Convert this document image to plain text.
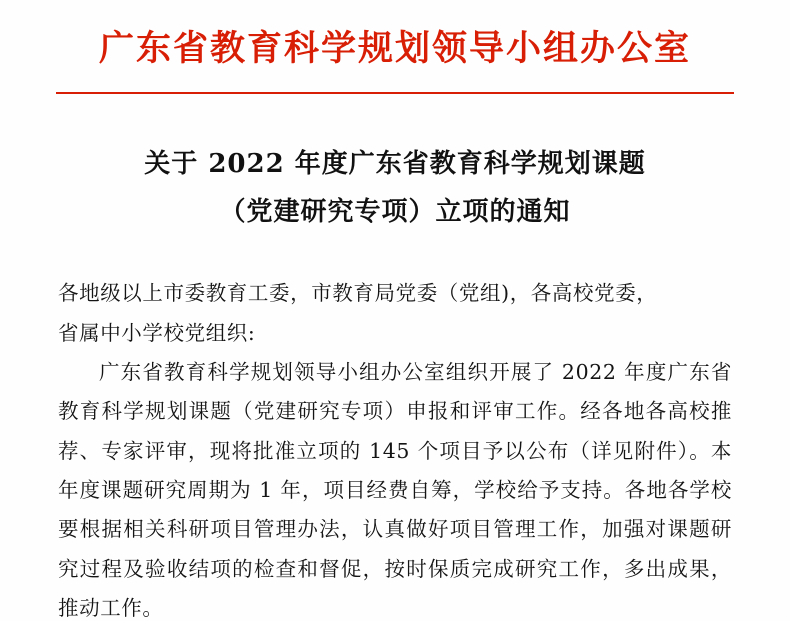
广东省教育科学规划领导小组办公室
关于 2022 年度广东省教育科学规划课题
（党建研究专项）立项的通知

各地级以上市委教育工委，市教育局党委（党组)，各高校党委，

省属中小学校党组织:

广东省教育科学规划领导小组办公室组织开展了 2022 年度广东省教育科学规划课题（党建研究专项）申报和评审工作。经各地各高校推荐、专家评审，现将批准立项的 145 个项目予以公布（详见附件）。本年度课题研究周期为 1 年，项目经费自筹，学校给予支持。各地各学校要根据相关科研项目管理办法，认真做好项目管理工作，加强对课题研究过程及验收结项的检查和督促，按时保质完成研究工作，多出成果，推动工作。
